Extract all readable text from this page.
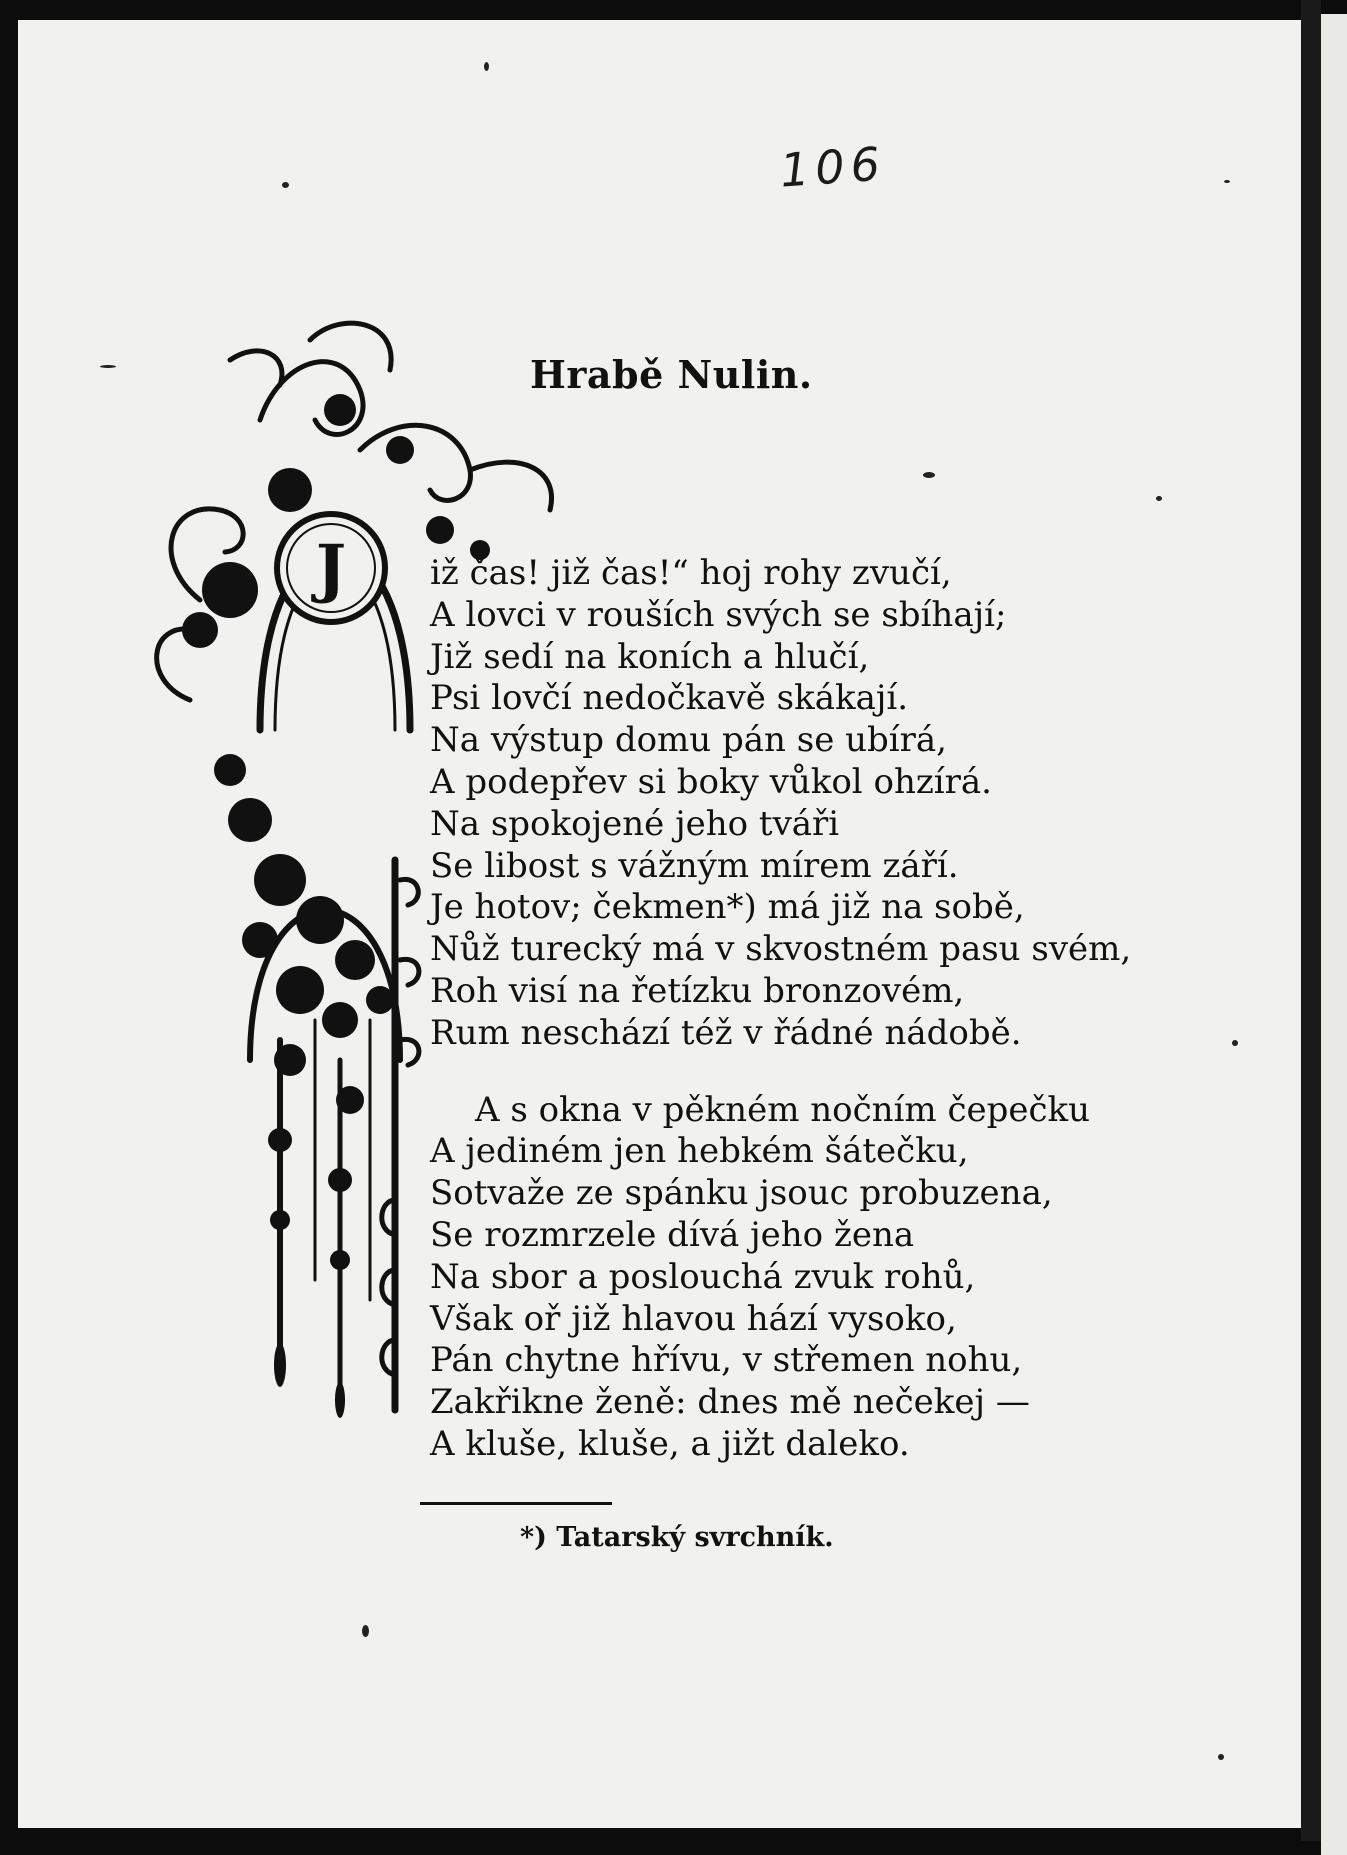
106
Hrabě Nulin.
J	iž čas! již čas!“ hoj rohy zvučí,
A lovci v rouších svých se sbíhají;
Již sedí na koních a hlučí,
Psi lovčí nedočkavě skákají.
Na výstup domu pán se ubírá,
A podepřev si boky vůkol ohzírá.
Na spokojené jeho tváři
Se libost s vážným mírem září.
Je hotov; čekmen*) má již na sobě,
Nůž turecký má v skvostném pasu svém,
Roh visí na řetízku bronzovém,
Rum neschází též v řádné nádobě.
A s okna v pěkném nočním čepečku
A jediném jen hebkém šátečku,
Sotvaže ze spánku jsouc probuzena,
Se rozmrzele dívá jeho žena
Na sbor a poslouchá zvuk rohů,
Však oř již hlavou hází vysoko,
Pán chytne hřívu, v střemen nohu,
Zakřikne ženě: dnes mě nečekej —
A kluše, kluše, a jižt daleko.
*) Tatarský svrchník.
